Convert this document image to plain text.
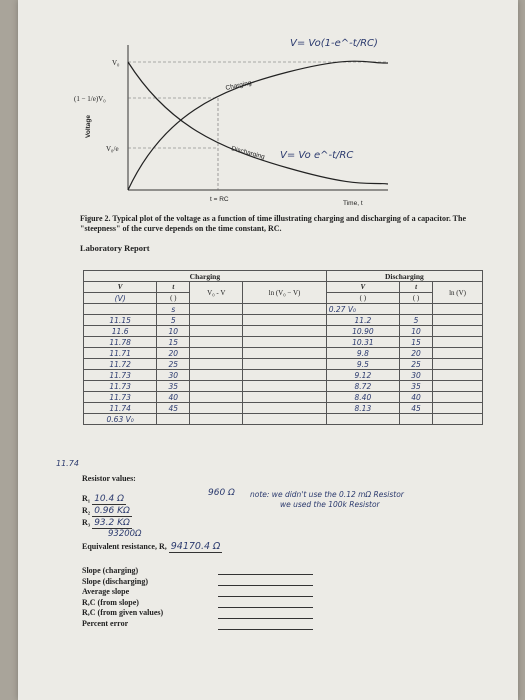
V₀
(1 − 1/e)V₀
V₀/e
t = RC
Time, t
Voltage
Charging
Discharging
V= Vo(1-e^-t/RC)
V= Vo e^-t/RC
Figure 2. Typical plot of the voltage as a function of time illustrating charging and discharging of a capacitor. The "steepness" of the curve depends on the time constant, RC.
Laboratory Report
Charging				Discharging		
V	t	V₀ - V	ln (V₀ − V)	V	t	ln (V)
(V)	( )			( )	( )	
	s			0.27 V₀		
11.15	5			11.2	5	
11.6	10			10.90	10	
11.78	15			10.31	15	
11.71	20			9.8	20	
11.72	25			9.5	25	
11.73	30			9.12	30	
11.73	35			8.72	35	
11.73	40			8.40	40	
11.74	45			8.13	45	
0.63 V₀						
11.74
Resistor values:
R₁ 10.4 Ω
R₂ 0.96 KΩ
R₃ 93.2 KΩ
93200Ω
960 Ω note: we didn't use the 0.12 mΩ Resistor
we used the 100k Resistor
Equivalent resistance, R, 94170.4 Ω
Slope (charging)
Slope (discharging)
Average slope
R,C (from slope)
R,C (from given values)
Percent error
